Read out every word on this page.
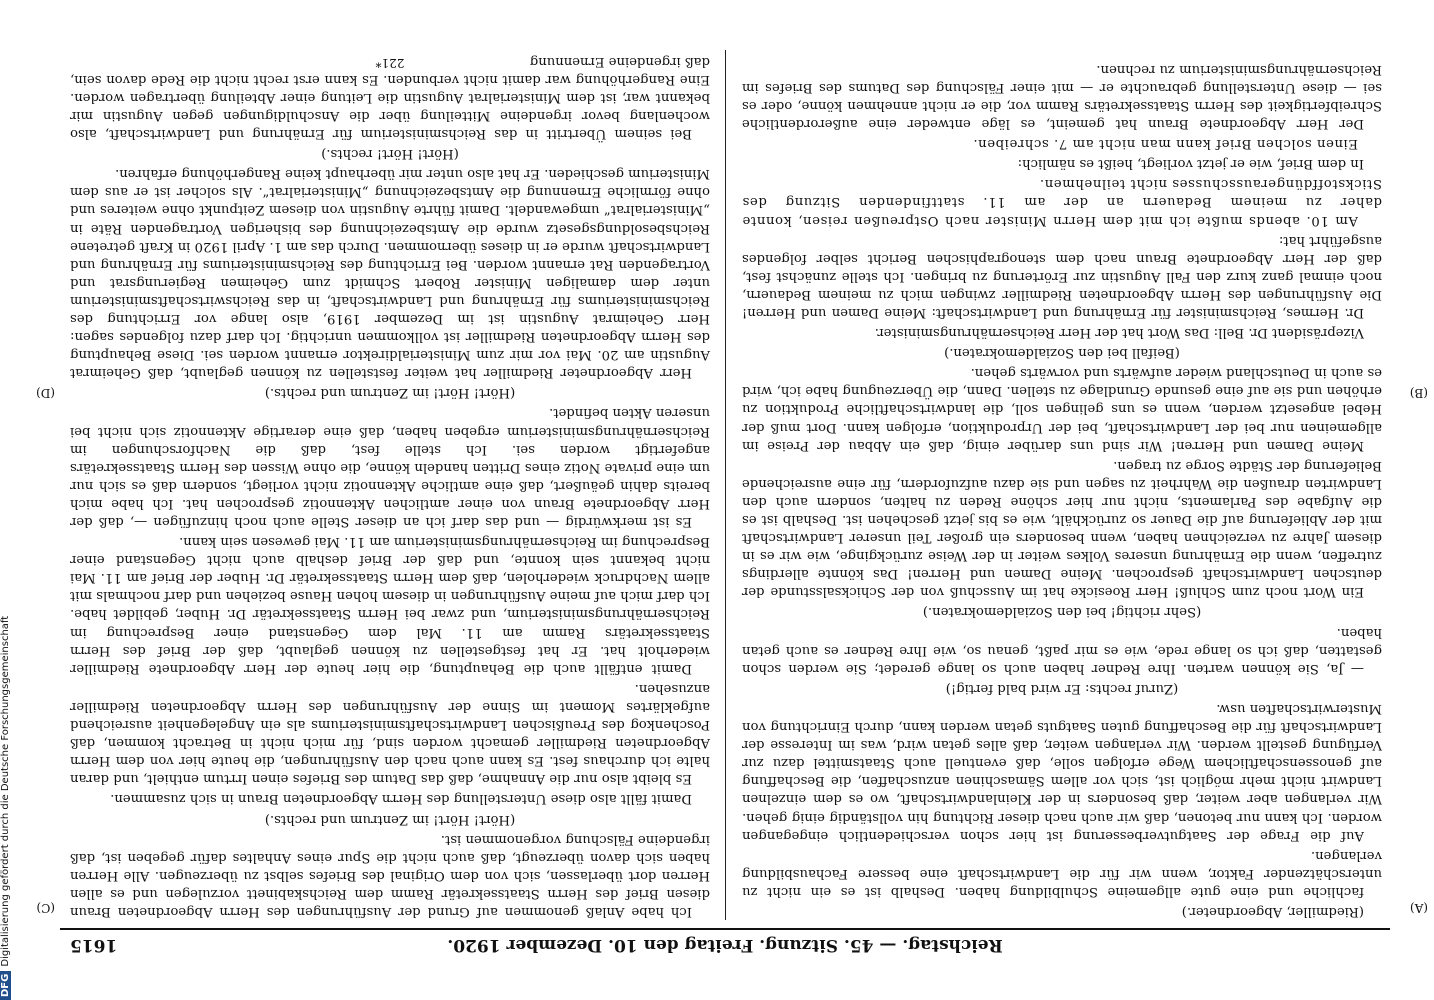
Reichstag. — 45. Sitzung. Freitag den 10. Dezember 1920.
1615
(A)
(B)
(C)
(D)

(Riedmiller, Abgeordneter.)

fachliche und eine gute allgemeine Schulbildung haben. Deshalb ist es ein nicht zu unterschätzender Faktor, wenn wir für die Landwirtschaft eine bessere Fachausbildung verlangen.

Auf die Frage der Saatgutverbesserung ist hier schon verschiedentlich eingegangen worden. Ich kann nur betonen, daß wir auch nach dieser Richtung hin vollständig einig gehen. Wir verlangen aber weiter, daß besonders in der Kleinlandwirtschaft, wo es dem einzelnen Landwirt nicht mehr möglich ist, sich vor allem Sämaschinen anzuschaffen, die Beschaffung auf genossenschaftlichem Wege erfolgen solle, daß eventuell auch Staatsmittel dazu zur Verfügung gestellt werden. Wir verlangen weiter, daß alles getan wird, was im Interesse der Landwirtschaft für die Beschaffung guten Saatguts getan werden kann, durch Einrichtung von Musterwirtschaften usw.

(Zuruf rechts: Er wird bald fertig!)

— Ja, Sie können warten. Ihre Redner haben auch so lange geredet; Sie werden schon gestatten, daß ich so lange rede, wie es mir paßt, genau so, wie Ihre Redner es auch getan haben.

(Sehr richtig! bei den Sozialdemokraten.)

Ein Wort noch zum Schluß! Herr Roesicke hat im Ausschuß von der Schicksalsstunde der deutschen Landwirtschaft gesprochen. Meine Damen und Herren! Das könnte allerdings zutreffen, wenn die Ernährung unseres Volkes weiter in der Weise zurückginge, wie wir es in diesem Jahre zu verzeichnen haben, wenn besonders ein großer Teil unserer Landwirtschaft mit der Ablieferung auf die Dauer so zurückhält, wie es bis jetzt geschehen ist. Deshalb ist es die Aufgabe des Parlaments, nicht nur hier schöne Reden zu halten, sondern auch den Landwirten draußen die Wahrheit zu sagen und sie dazu aufzufordern, für eine ausreichende Belieferung der Städte Sorge zu tragen.

Meine Damen und Herren! Wir sind uns darüber einig, daß ein Abbau der Preise im allgemeinen nur bei der Landwirtschaft, bei der Urproduktion, erfolgen kann. Dort muß der Hebel angesetzt werden, wenn es uns gelingen soll, die landwirtschaftliche Produktion zu erhöhen und sie auf eine gesunde Grundlage zu stellen. Dann, die Überzeugung habe ich, wird es auch in Deutschland wieder aufwärts und vorwärts gehen.

(Beifall bei den Sozialdemokraten.)

Vizepräsident Dr. Bell: Das Wort hat der Herr Reichsernährungsminister.

Dr. Hermes, Reichsminister für Ernährung und Landwirtschaft: Meine Damen und Herren! Die Ausführungen des Herrn Abgeordneten Riedmiller zwingen mich zu meinem Bedauern, noch einmal ganz kurz den Fall Augustin zur Erörterung zu bringen. Ich stelle zunächst fest, daß der Herr Abgeordnete Braun nach dem stenographischen Bericht selber folgendes ausgeführt hat:

Am 10. abends mußte ich mit dem Herrn Minister nach Ostpreußen reisen, konnte daher zu meinem Bedauern an der am 11. stattfindenden Sitzung des Stickstoffdüngerausschusses nicht teilnehmen.

In dem Brief, wie er jetzt vorliegt, heißt es nämlich:

Einen solchen Brief kann man nicht am 7. schreiben.

Der Herr Abgeordnete Braun hat gemeint, es läge entweder eine außerordentliche Schreibfertigkeit des Herrn Staatssekretärs Ramm vor, die er nicht annehmen könne, oder es sei — diese Unterstellung gebrauchte er — mit einer Fälschung des Datums des Briefes im Reichsernährungsministerium zu rechnen.

Ich habe Anlaß genommen auf Grund der Ausführungen des Herrn Abgeordneten Braun diesen Brief des Herrn Staatssekretär Ramm dem Reichskabinett vorzulegen und es allen Herren dort überlassen, sich von dem Original des Briefes selbst zu überzeugen. Alle Herren haben sich davon überzeugt, daß auch nicht die Spur eines Anhaltes dafür gegeben ist, daß irgendeine Fälschung vorgenommen ist.

(Hört! Hört! im Zentrum und rechts.)

Damit fällt also diese Unterstellung des Herrn Abgeordneten Braun in sich zusammen.

Es bleibt also nur die Annahme, daß das Datum des Briefes einen Irrtum enthielt, und daran halte ich durchaus fest. Es kann auch nach den Ausführungen, die heute hier von dem Herrn Abgeordneten Riedmiller gemacht worden sind, für mich nicht in Betracht kommen, daß Poschenkog des Preußischen Landwirtschaftsministeriums als ein Angelegenheit ausreichend aufgeklärtes Moment im Sinne der Ausführungen des Herrn Abgeordneten Riedmiller anzusehen.

Damit entfällt auch die Behauptung, die hier heute der Herr Abgeordnete Riedmiller wiederholt hat. Er hat festgestellen zu können geglaubt, daß der Brief des Herrn Staatssekretärs Ramm am 11. Mal dem Gegenstand einer Besprechung im Reichsernährungsministerium, und zwar bei Herrn Staatssekretär Dr. Huber, gebildet habe. Ich darf mich auf meine Ausführungen in diesem hohen Hause beziehen und darf nochmals mit allem Nachdruck wiederholen, daß dem Herrn Staatssekretär Dr. Huber der Brief am 11. Mai nicht bekannt sein konnte, und daß der Brief deshalb auch nicht Gegenstand einer Besprechung im Reichsernährungsministerium am 11. Mai gewesen sein kann.

Es ist merkwürdig — und das darf ich an dieser Stelle auch noch hinzufügen —, daß der Herr Abgeordnete Braun von einer amtlichen Aktennotiz gesprochen hat. Ich habe mich bereits dahin geäußert, daß eine amtliche Aktennotiz nicht vorliegt, sondern daß es sich nur um eine private Notiz eines Dritten handeln könne, die ohne Wissen des Herrn Staatssekretärs angefertigt worden sei. Ich stelle fest, daß die Nachforschungen im Reichsernährungsministerium ergeben haben, daß eine derartige Aktennotiz sich nicht bei unseren Akten befindet.

(Hört! Hört! im Zentrum und rechts.)

Herr Abgeordneter Riedmiller hat weiter feststellen zu können geglaubt, daß Geheimrat Augustin am 20. Mai vor mir zum Ministerialdirektor ernannt worden sei. Diese Behauptung des Herrn Abgeordneten Riedmiller ist vollkommen unrichtig. Ich darf dazu folgendes sagen: Herr Geheimrat Augustin ist im Dezember 1919, also lange vor Errichtung des Reichsministeriums für Ernährung und Landwirtschaft, in das Reichswirtschaftsministerium unter dem damaligen Minister Robert Schmidt zum Geheimen Regierungsrat und Vortragenden Rat ernannt worden. Bei Errichtung des Reichsministeriums für Ernährung und Landwirtschaft wurde er in dieses übernommen. Durch das am 1. April 1920 in Kraft getretene Reichsbesoldungsgesetz wurde die Amtsbezeichnung des bisherigen Vortragenden Räte in „Ministerialrat“ umgewandelt. Damit führte Augustin von diesem Zeitpunkt ohne weiteres und ohne förmliche Ernennung die Amtsbezeichnung „Ministerialrat“. Als solcher ist er aus dem Ministerium geschieden. Er hat also unter mir überhaupt keine Rangerhöhung erfahren.

(Hört! Hört! rechts.)

Bei seinem Übertritt in das Reichsministerium für Ernährung und Landwirtschaft, also wochenlang bevor irgendeine Mitteilung über die Anschuldigungen gegen Augustin mir bekannt war, ist dem Ministerialrat Augustin die Leitung einer Abteilung übertragen worden. Eine Rangerhöhung war damit nicht verbunden. Es kann erst recht nicht die Rede davon sein, daß irgendeine Ernennung

221*
DFGDigitalisierung gefördert durch die Deutsche Forschungsgemeinschaft
